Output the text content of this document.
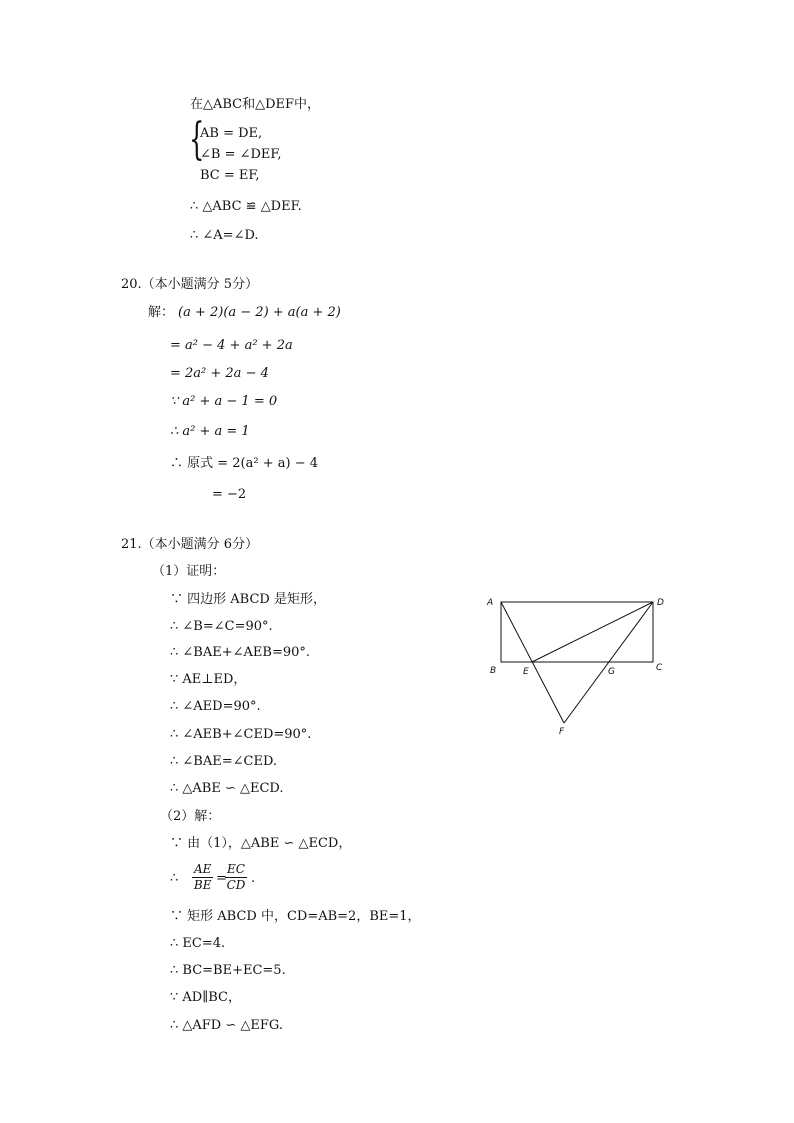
在△ABC和△DEF中，
{
AB = DE,
∠B = ∠DEF,
BC = EF,
∴ △ABC ≌ △DEF.
∴ ∠A=∠D.
20.（本小题满分 5分）
解： (a + 2)(a − 2) + a(a + 2)
= a² − 4 + a² + 2a
= 2a² + 2a − 4
∵ a² + a − 1 = 0
∴ a² + a = 1
∴ 原式 = 2(a² + a) − 4
= −2
21.（本小题满分 6分）
（1）证明：
∵ 四边形 ABCD 是矩形，
∴ ∠B=∠C=90°.
∴ ∠BAE+∠AEB=90°.
∵ AE⊥ED，
∴ ∠AED=90°.
∴ ∠AEB+∠CED=90°.
∴ ∠BAE=∠CED.
∴ △ABE ∽ △ECD.
（2）解：
∵ 由（1），△ABE ∽ △ECD，
∴ $\frac{AE}{BE}$ =
$\frac{EC}{CD}$ .
∵ 矩形 ABCD 中，CD=AB=2，BE=1，
∴ EC=4.
∴ BC=BE+EC=5.
∵ AD∥BC，
∴ △AFD ∽ △EFG.
A	D
B	E	G	C
F
